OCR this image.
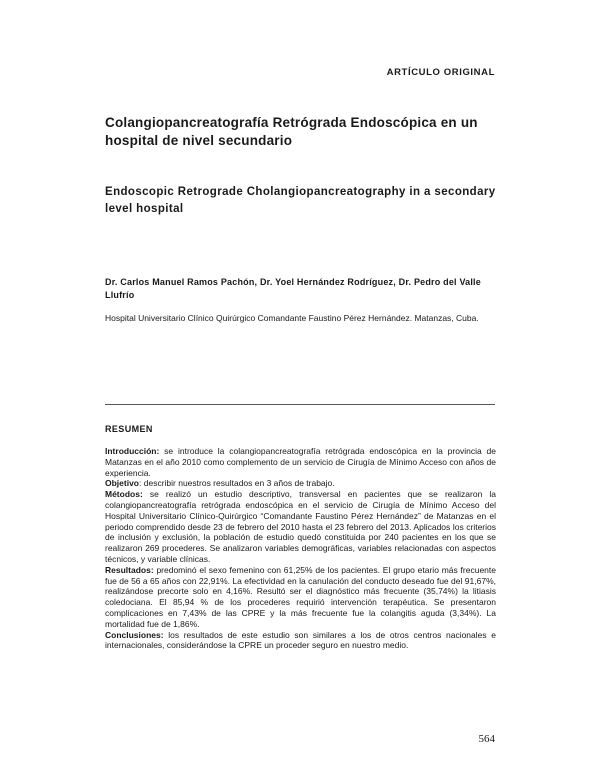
ARTÍCULO ORIGINAL
Colangiopancreatografía Retrógrada Endoscópica en un hospital de nivel secundario
Endoscopic Retrograde Cholangiopancreatography in a secondary level hospital
Dr. Carlos Manuel Ramos Pachón, Dr. Yoel Hernández Rodríguez, Dr. Pedro del Valle Llufrío
Hospital Universitario Clínico Quirúrgico Comandante Faustino Pérez Hernández. Matanzas, Cuba.
RESUMEN

Introducción: se introduce la colangiopancreatografía retrógrada endoscópica en la provincia de Matanzas en el año 2010 como complemento de un servicio de Cirugía de Mínimo Acceso con años de experiencia.

Objetivo: describir nuestros resultados en 3 años de trabajo.

Métodos: se realizó un estudio descriptivo, transversal en pacientes que se realizaron la colangiopancreatografía retrógrada endoscópica en el servicio de Cirugía de Mínimo Acceso del Hospital Universitario Clínico-Quirúrgico “Comandante Faustino Pérez Hernández” de Matanzas en el periodo comprendido desde 23 de febrero del 2010 hasta el 23 febrero del 2013. Aplicados los criterios de inclusión y exclusión, la población de estudio quedó constituida por 240 pacientes en los que se realizaron 269 procederes. Se analizaron variables demográficas, variables relacionadas con aspectos técnicos, y variable clínicas.

Resultados: predominó el sexo femenino con 61,25% de los pacientes. El grupo etario más frecuente fue de 56 a 65 años con 22,91%. La efectividad en la canulación del conducto deseado fue del 91,67%, realizándose precorte solo en 4,16%. Resultó ser el diagnóstico más frecuente (35,74%) la litiasis coledociana. El 85,94 % de los procederes requirió intervención terapéutica. Se presentaron complicaciones en 7,43% de las CPRE y la más frecuente fue la colangitis aguda (3,34%). La mortalidad fue de 1,86%.

Conclusiones: los resultados de este estudio son similares a los de otros centros nacionales e internacionales, considerándose la CPRE un proceder seguro en nuestro medio.

564
